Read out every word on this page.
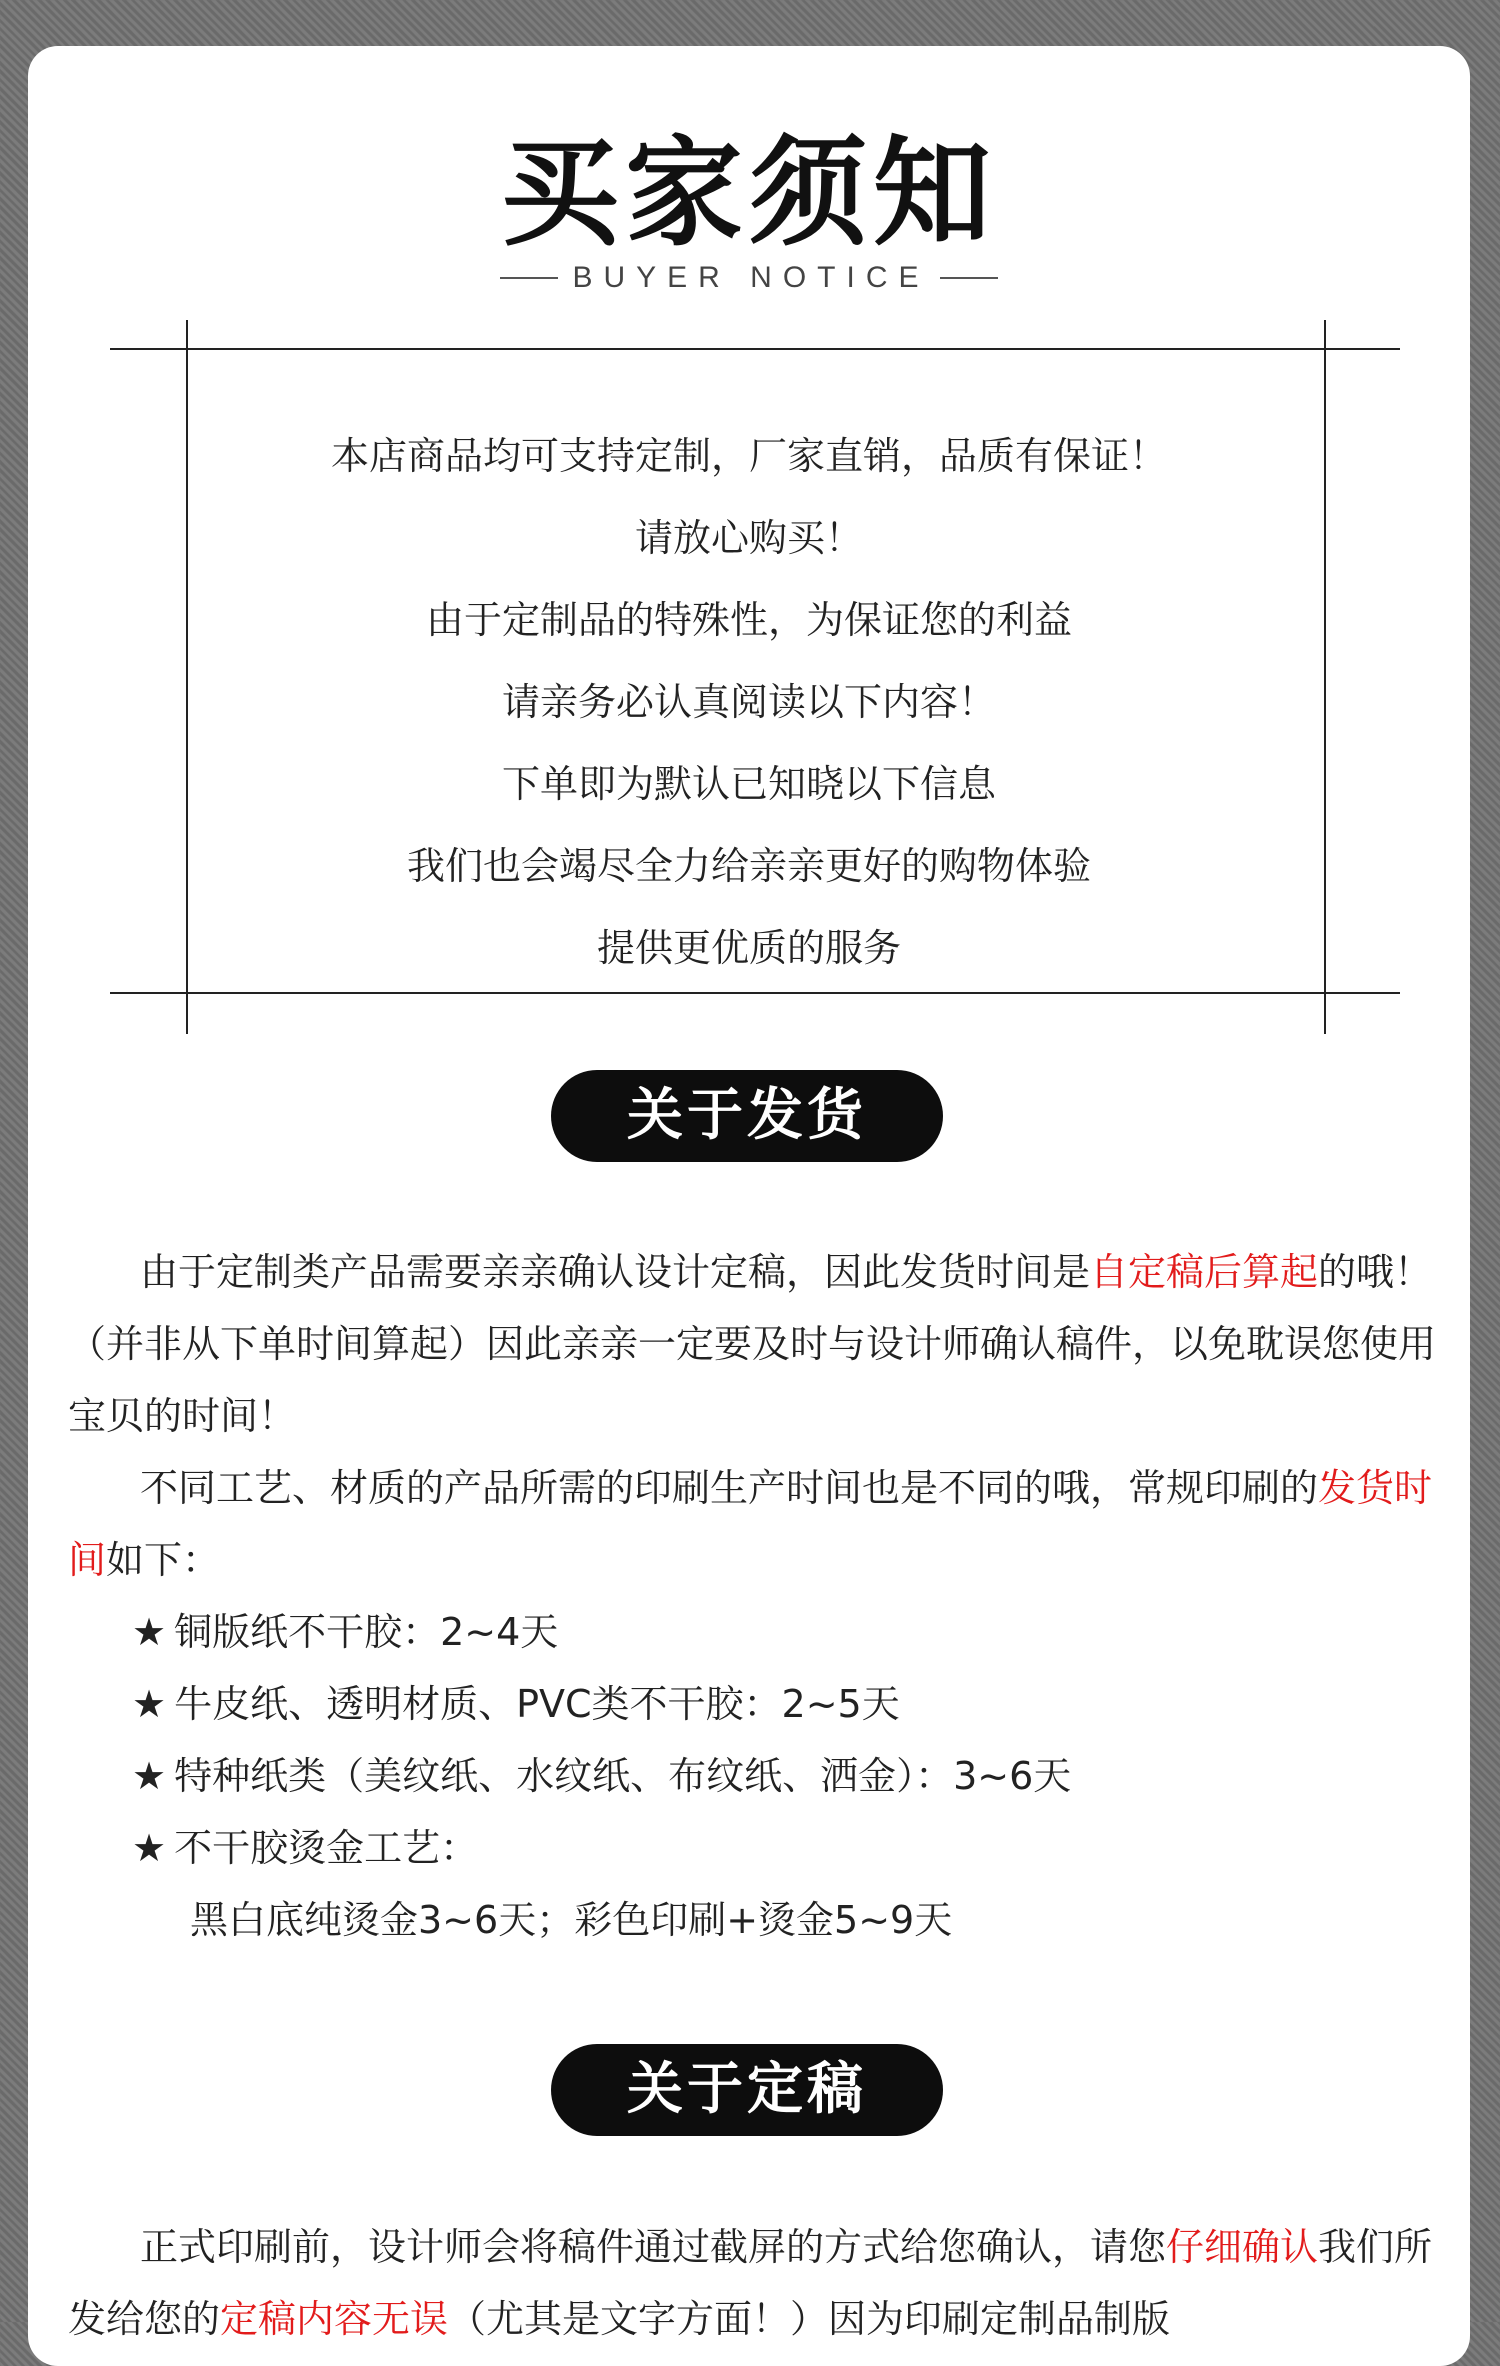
买家须知
BUYER NOTICE
本店商品均可支持定制，厂家直销，品质有保证！
请放心购买！
由于定制品的特殊性，为保证您的利益
请亲务必认真阅读以下内容！
下单即为默认已知晓以下信息
我们也会竭尽全力给亲亲更好的购物体验
提供更优质的服务
关于发货

由于定制类产品需要亲亲确认设计定稿，因此发货时间是自定稿后算起的哦！（并非从下单时间算起）因此亲亲一定要及时与设计师确认稿件，以免耽误您使用宝贝的时间！

不同工艺、材质的产品所需的印刷生产时间也是不同的哦，常规印刷的发货时间如下：

★ 铜版纸不干胶：2~4天
★ 牛皮纸、透明材质、PVC类不干胶：2~5天
★ 特种纸类（美纹纸、水纹纸、布纹纸、洒金）：3~6天
★ 不干胶烫金工艺：
黑白底纯烫金3~6天；彩色印刷+烫金5~9天
关于定稿

正式印刷前，设计师会将稿件通过截屏的方式给您确认，请您仔细确认我们所发给您的定稿内容无误（尤其是文字方面！）因为印刷定制品制版
